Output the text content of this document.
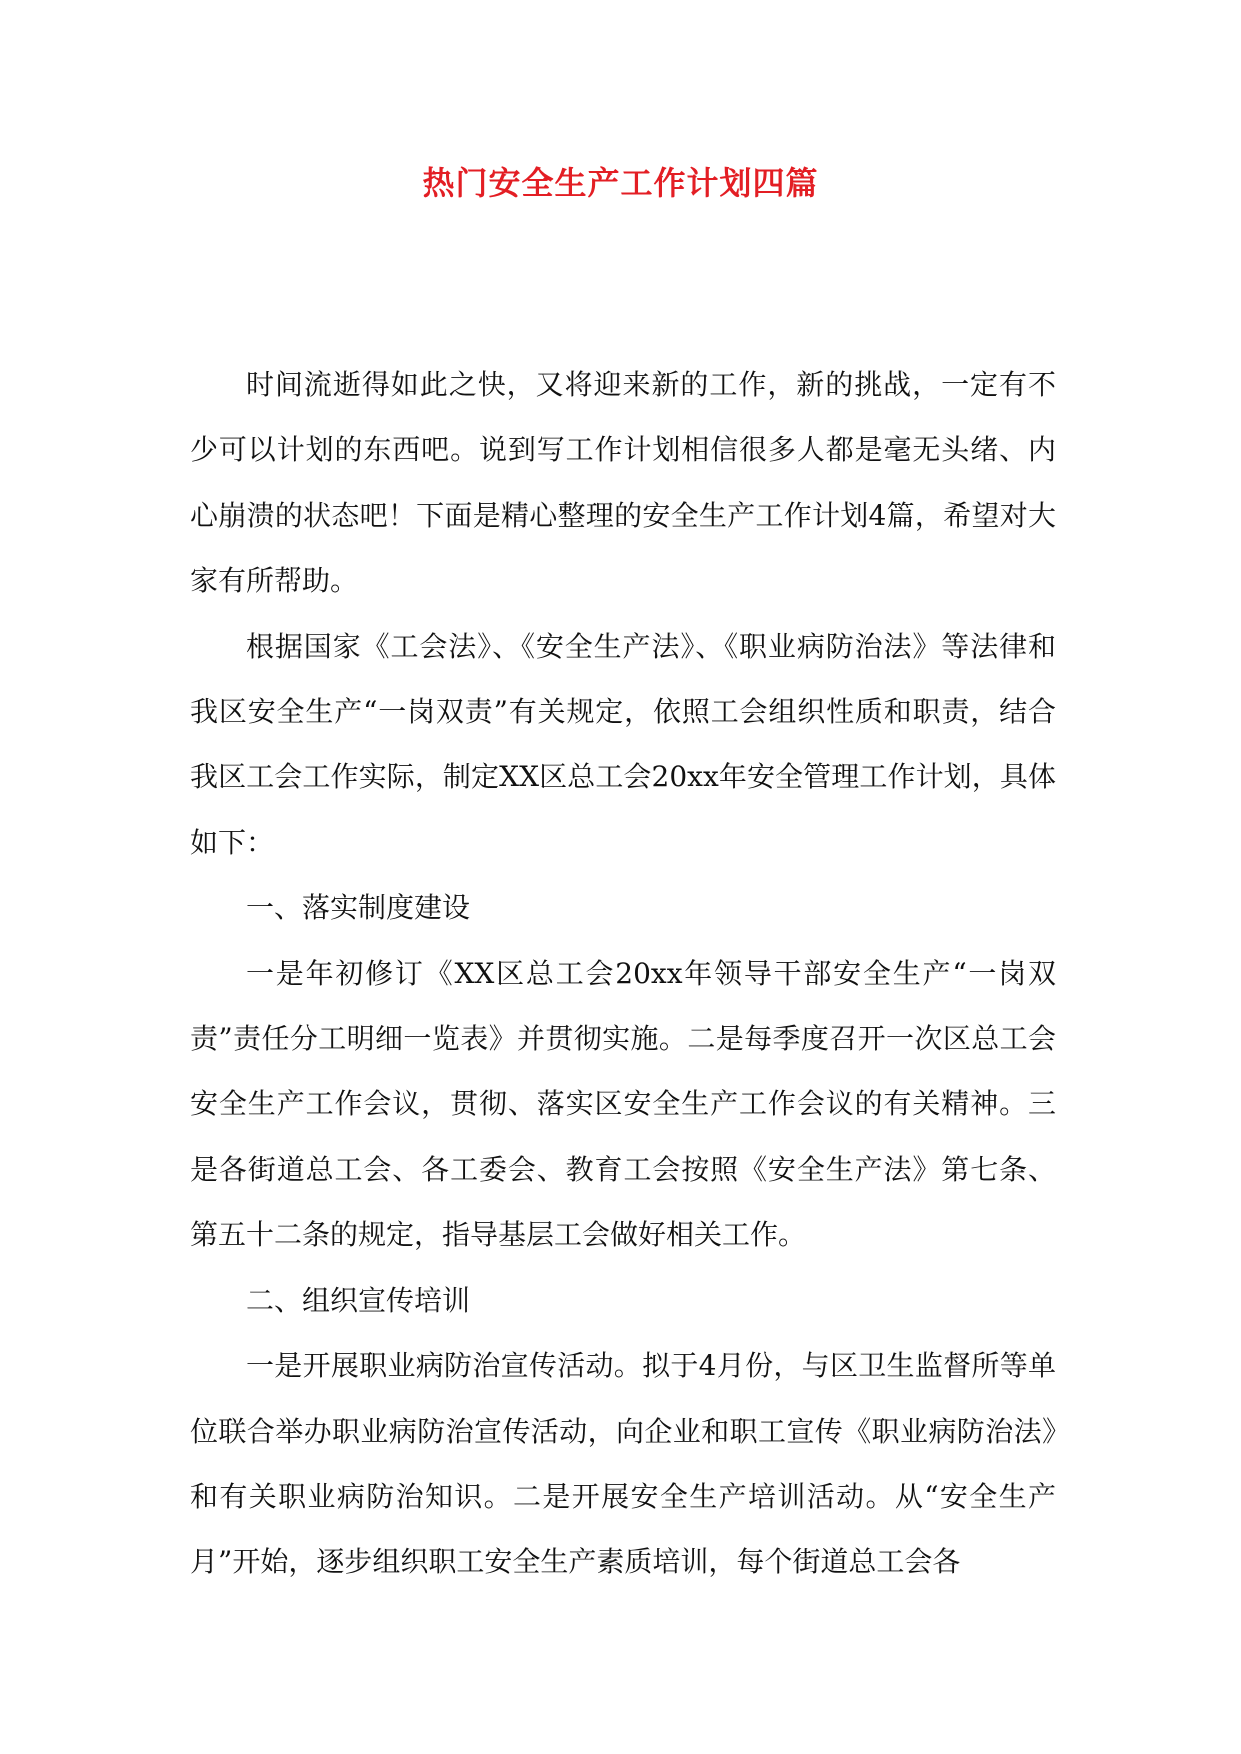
热门安全生产工作计划四篇

时间流逝得如此之快，又将迎来新的工作，新的挑战，一定有不少可以计划的东西吧。说到写工作计划相信很多人都是毫无头绪、内心崩溃的状态吧！下面是精心整理的安全生产工作计划4篇，希望对大家有所帮助。

根据国家《工会法》、《安全生产法》、《职业病防治法》等法律和我区安全生产“一岗双责”有关规定，依照工会组织性质和职责，结合我区工会工作实际，制定XX区总工会20xx年安全管理工作计划，具体如下：

一、落实制度建设

一是年初修订《XX区总工会20xx年领导干部安全生产“一岗双责”责任分工明细一览表》并贯彻实施。二是每季度召开一次区总工会安全生产工作会议，贯彻、落实区安全生产工作会议的有关精神。三是各街道总工会、各工委会、教育工会按照《安全生产法》第七条、第五十二条的规定，指导基层工会做好相关工作。

二、组织宣传培训

一是开展职业病防治宣传活动。拟于4月份，与区卫生监督所等单位联合举办职业病防治宣传活动，向企业和职工宣传《职业病防治法》和有关职业病防治知识。二是开展安全生产培训活动。从“安全生产月”开始，逐步组织职工安全生产素质培训，每个街道总工会各
